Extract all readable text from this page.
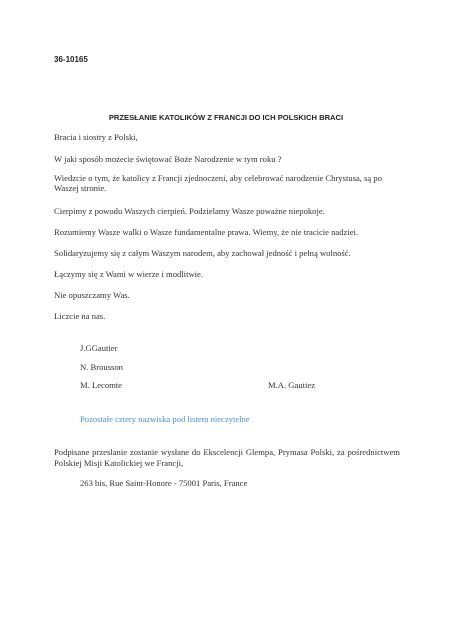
36-10165
PRZESŁANIE KATOLIKÓW Z FRANCJI DO ICH POLSKICH BRACI
Bracia i siostry z Polski,
W jaki sposób możecie świętować Boże Narodzenie w tym roku ?
Wiedzcie o tym, że katolicy z Francji zjednoczeni, aby celebrować narodzenie Chrystusa, są po Waszej stronie.
Cierpimy z powodu Waszych cierpień. Podzielamy Wasze poważne niepokoje.
Rozumiemy Wasze walki o Wasze fundamentalne prawa. Wiemy, że nie tracicie nadziei.
Solidaryzujemy się z całym Waszym narodem, aby zachował jedność i pełną wolność.
Łączymy się z Wami w wierze i modlitwie.
Nie opuszczamy Was.
Liczcie na nas.
J.GGautier
N. Brousson
M. Lecomte	M.A. Gautiez
Pozostałe cztery nazwiska pod listem nieczytelne
Podpisane przesłanie zostanie wysłane do Ekscelencji Glempa, Prymasa Polski, za pośrednictwem Polskiej Misji Katolickiej we Francji,
263 bis, Rue Saint-Honore - 75001 Paris, France
